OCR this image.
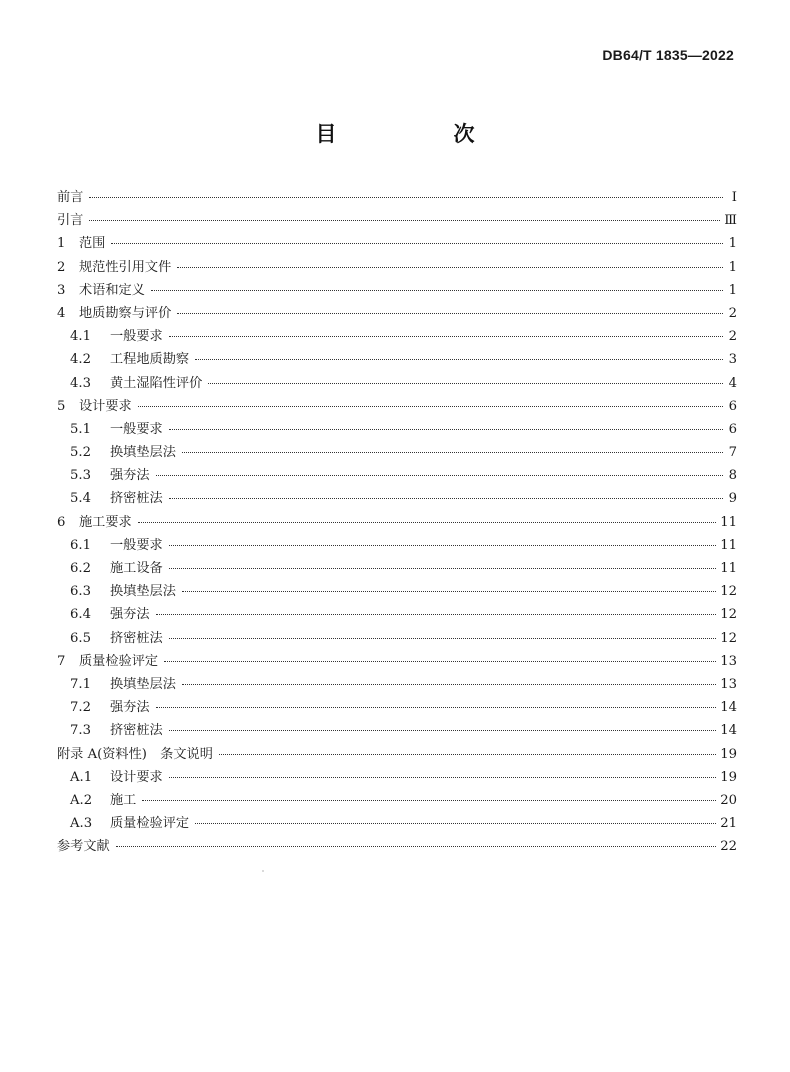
DB64/T 1835—2022
目　次
前言	Ⅰ
引言	Ⅲ
1	范围	1
2	规范性引用文件	1
3	术语和定义	1
4	地质勘察与评价	2
4.1	一般要求	2
4.2	工程地质勘察	3
4.3	黄土湿陷性评价	4
5	设计要求	6
5.1	一般要求	6
5.2	换填垫层法	7
5.3	强夯法	8
5.4	挤密桩法	9
6	施工要求	11
6.1	一般要求	11
6.2	施工设备	11
6.3	换填垫层法	12
6.4	强夯法	12
6.5	挤密桩法	12
7	质量检验评定	13
7.1	换填垫层法	13
7.2	强夯法	14
7.3	挤密桩法	14
附录 A(资料性)　条文说明	19
A.1	设计要求	19
A.2	施工	20
A.3	质量检验评定	21
参考文献	22
